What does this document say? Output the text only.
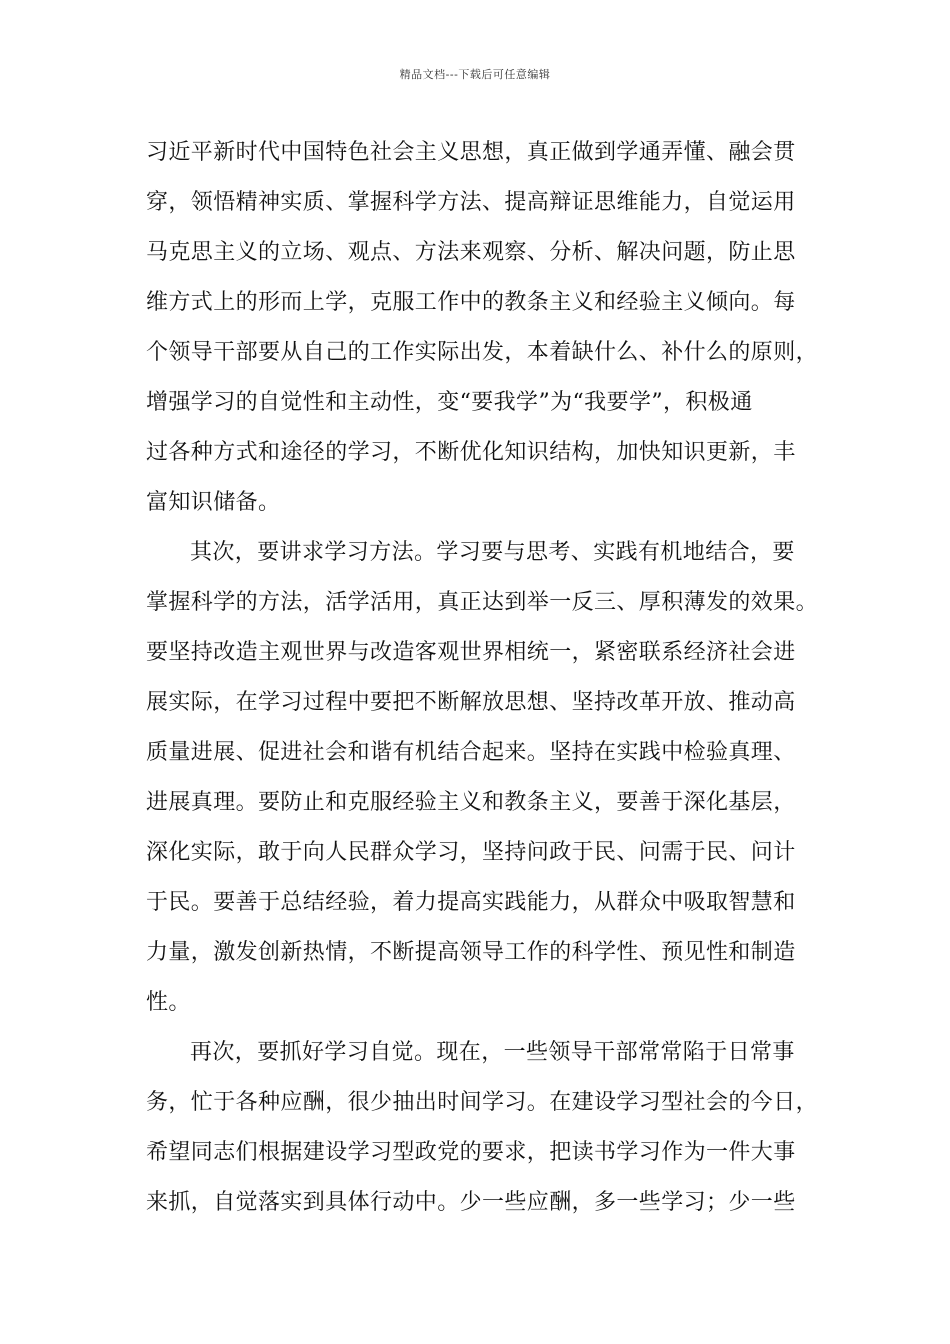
精品文档---下载后可任意编辑
习近平新时代中国特色社会主义思想，真正做到学通弄懂、融会贯
穿，领悟精神实质、掌握科学方法、提高辩证思维能力，自觉运用
马克思主义的立场、观点、方法来观察、分析、解决问题，防止思
维方式上的形而上学，克服工作中的教条主义和经验主义倾向。每
个领导干部要从自己的工作实际出发，本着缺什么、补什么的原则，
增强学习的自觉性和主动性，变“要我学”为“我要学”，积极通
过各种方式和途径的学习，不断优化知识结构，加快知识更新，丰
富知识储备。
其次，要讲求学习方法。学习要与思考、实践有机地结合，要
掌握科学的方法，活学活用，真正达到举一反三、厚积薄发的效果。
要坚持改造主观世界与改造客观世界相统一，紧密联系经济社会进
展实际，在学习过程中要把不断解放思想、坚持改革开放、推动高
质量进展、促进社会和谐有机结合起来。坚持在实践中检验真理、
进展真理。要防止和克服经验主义和教条主义，要善于深化基层，
深化实际，敢于向人民群众学习，坚持问政于民、问需于民、问计
于民。要善于总结经验，着力提高实践能力，从群众中吸取智慧和
力量，激发创新热情，不断提高领导工作的科学性、预见性和制造
性。
再次，要抓好学习自觉。现在，一些领导干部常常陷于日常事
务，忙于各种应酬，很少抽出时间学习。在建设学习型社会的今日，
希望同志们根据建设学习型政党的要求，把读书学习作为一件大事
来抓，自觉落实到具体行动中。少一些应酬，多一些学习；少一些
